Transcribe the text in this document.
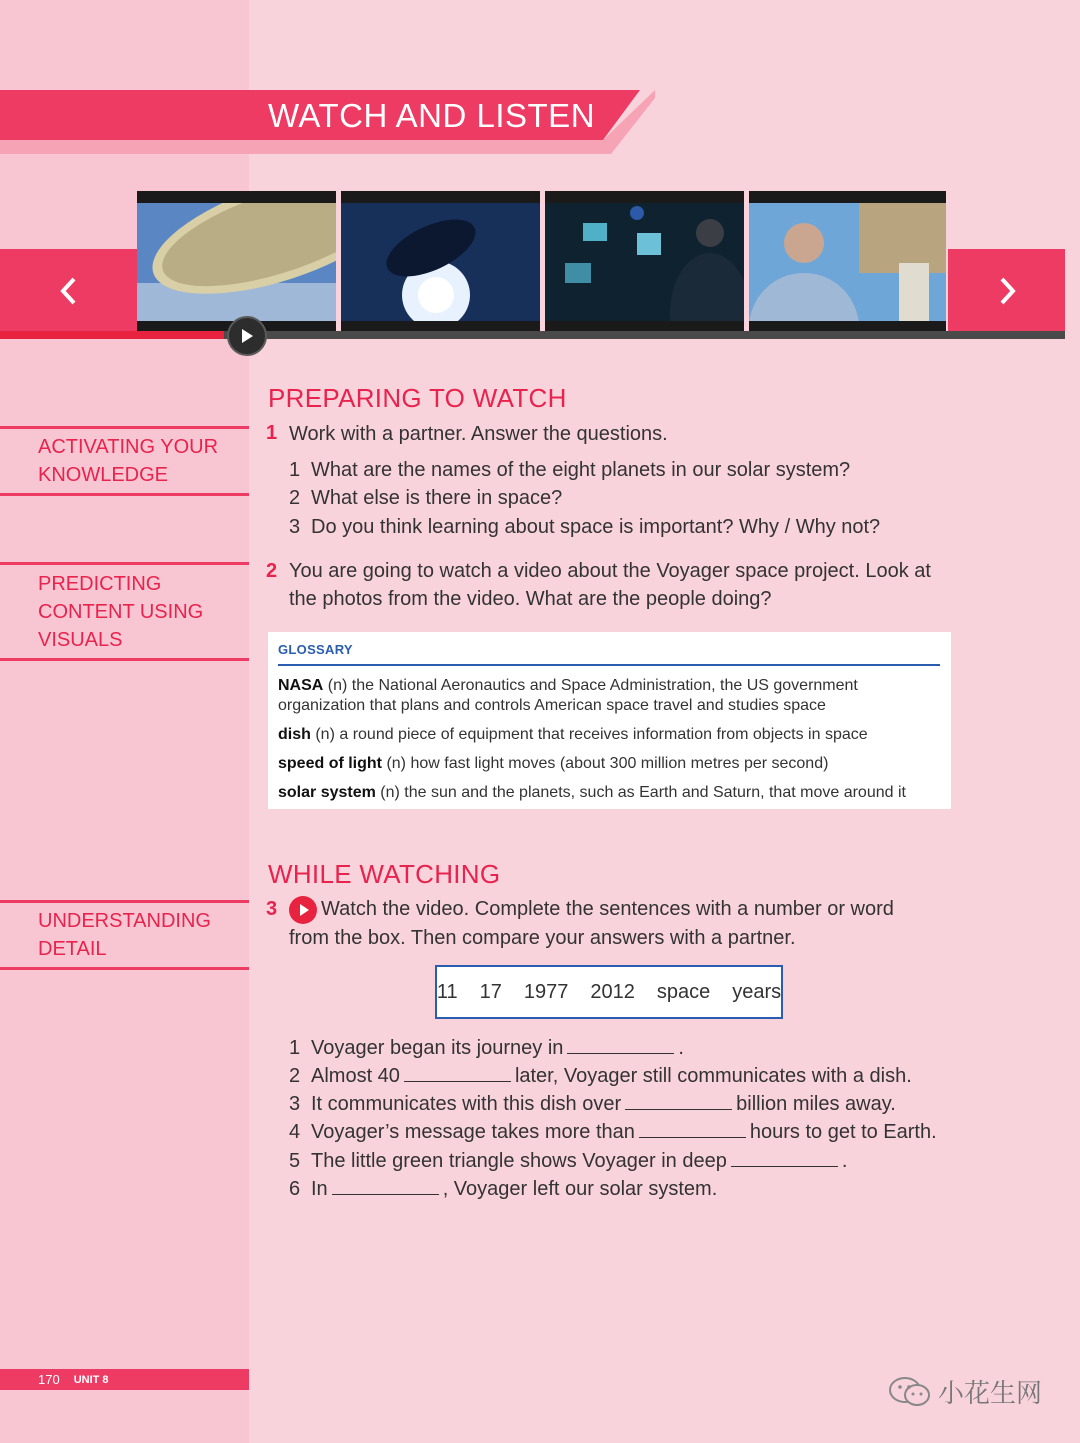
WATCH AND LISTEN
ACTIVATING YOUR KNOWLEDGE
PREDICTING CONTENT USING VISUALS
UNDERSTANDING DETAIL
PREPARING TO WATCH
1 Work with a partner. Answer the questions.
1 What are the names of the eight planets in our solar system?
2 What else is there in space?
3 Do you think learning about space is important? Why / Why not?
2 You are going to watch a video about the Voyager space project. Look at
the photos from the video. What are the people doing?
GLOSSARY
NASA (n) the National Aeronautics and Space Administration, the US government organization that plans and controls American space travel and studies space
dish (n) a round piece of equipment that receives information from objects in space
speed of light (n) how fast light moves (about 300 million metres per second)
solar system (n) the sun and the planets, such as Earth and Saturn, that move around it
WHILE WATCHING
3	Watch the video. Complete the sentences with a number or word
from the box. Then compare your answers with a partner.
11 17 1977 2012 space years
1 Voyager began its journey in	.
2 Almost 40	later, Voyager still communicates with a dish.
3 It communicates with this dish over	billion miles away.
4 Voyager’s message takes more than	hours to get to Earth.
5 The little green triangle shows Voyager in deep	.
6 In	, Voyager left our solar system.
170 UNIT 8	小花生网
